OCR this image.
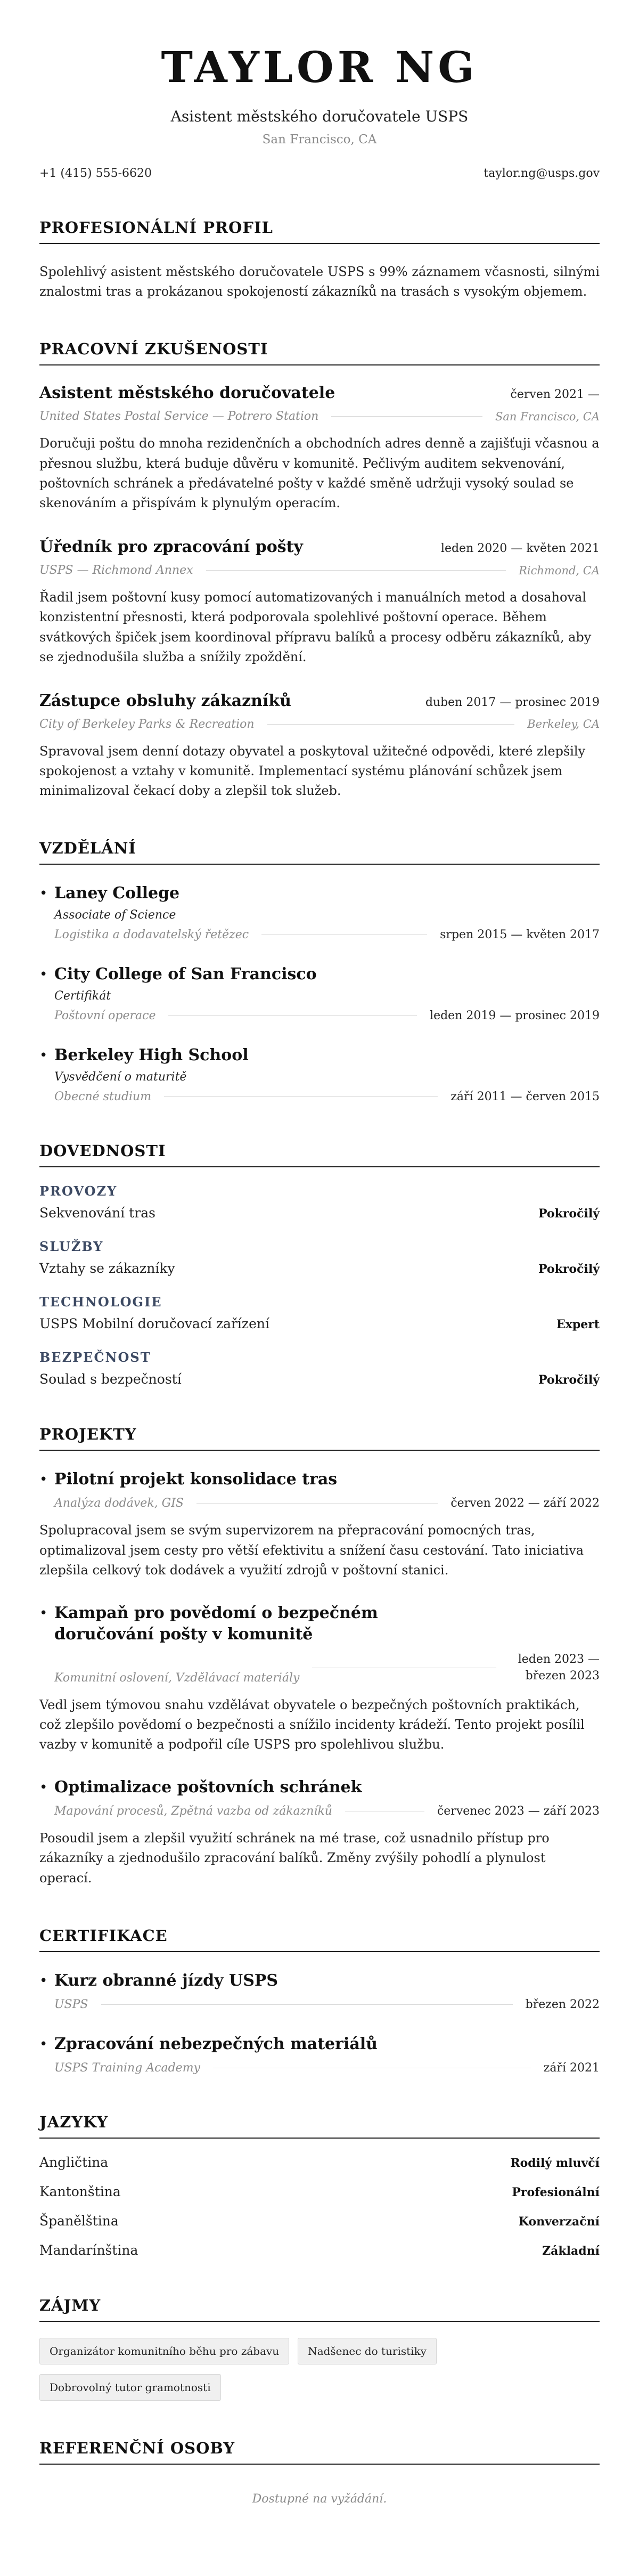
TAYLOR NG
Asistent městského doručovatele USPS
San Francisco, CA
+1 (415) 555-6620	taylor.ng@usps.gov
PROFESIONÁLNÍ PROFIL

Spolehlivý asistent městského doručovatele USPS s 99% záznamem včasnosti, silnými znalostmi tras a prokázanou spokojeností zákazníků na trasách s vysokým objemem.

PRACOVNÍ ZKUŠENOSTI
Asistent městského doručovatele	červen 2021 —
United States Postal Service — Potrero Station	San Francisco, CA

Doručuji poštu do mnoha rezidenčních a obchodních adres denně a zajišťuji včasnou a přesnou službu, která buduje důvěru v komunitě. Pečlivým auditem sekvenování, poštovních schránek a předávatelné pošty v každé směně udržuji vysoký soulad se skenováním a přispívám k plynulým operacím.

Úředník pro zpracování pošty	leden 2020 — květen 2021
USPS — Richmond Annex	Richmond, CA

Řadil jsem poštovní kusy pomocí automatizovaných i manuálních metod a dosahoval konzistentní přesnosti, která podporovala spolehlivé poštovní operace. Během svátkových špiček jsem koordinoval přípravu balíků a procesy odběru zákazníků, aby se zjednodušila služba a snížily zpoždění.

Zástupce obsluhy zákazníků	duben 2017 — prosinec 2019
City of Berkeley Parks & Recreation	Berkeley, CA

Spravoval jsem denní dotazy obyvatel a poskytoval užitečné odpovědi, které zlepšily spokojenost a vztahy v komunitě. Implementací systému plánování schůzek jsem minimalizoval čekací doby a zlepšil tok služeb.

VZDĚLÁNÍ
• Laney College
Associate of Science
Logistika a dodavatelský řetězec	srpen 2015 — květen 2017
• City College of San Francisco
Certifikát
Poštovní operace	leden 2019 — prosinec 2019
• Berkeley High School
Vysvědčení o maturitě
Obecné studium	září 2011 — červen 2015
DOVEDNOSTI
PROVOZY
Sekvenování tras	Pokročilý
SLUŽBY
Vztahy se zákazníky	Pokročilý
TECHNOLOGIE
USPS Mobilní doručovací zařízení	Expert
BEZPEČNOST
Soulad s bezpečností	Pokročilý
PROJEKTY
• Pilotní projekt konsolidace tras
Analýza dodávek, GIS	červen 2022 — září 2022

Spolupracoval jsem se svým supervizorem na přepracování pomocných tras, optimalizoval jsem cesty pro větší efektivitu a snížení času cestování. Tato iniciativa zlepšila celkový tok dodávek a využití zdrojů v poštovní stanici.

• Kampaň pro povědomí o bezpečném doručování pošty v komunitě
Komunitní oslovení, Vzdělávací materiály
leden 2023 — březen 2023

Vedl jsem týmovou snahu vzdělávat obyvatele o bezpečných poštovních praktikách, což zlepšilo povědomí o bezpečnosti a snížilo incidenty krádeží. Tento projekt posílil vazby v komunitě a podpořil cíle USPS pro spolehlivou službu.

• Optimalizace poštovních schránek
Mapování procesů, Zpětná vazba od zákazníků	červenec 2023 — září 2023

Posoudil jsem a zlepšil využití schránek na mé trase, což usnadnilo přístup pro zákazníky a zjednodušilo zpracování balíků. Změny zvýšily pohodlí a plynulost operací.

CERTIFIKACE
• Kurz obranné jízdy USPS
USPS	březen 2022
• Zpracování nebezpečných materiálů
USPS Training Academy	září 2021
JAZYKY
Angličtina	Rodilý mluvčí
Kantonština	Profesionální
Španělština	Konverzační
Mandarínština	Základní
ZÁJMY
Organizátor komunitního běhu pro zábavu	Nadšenec do turistiky
Dobrovolný tutor gramotnosti
REFERENČNÍ OSOBY

Dostupné na vyžádání.
